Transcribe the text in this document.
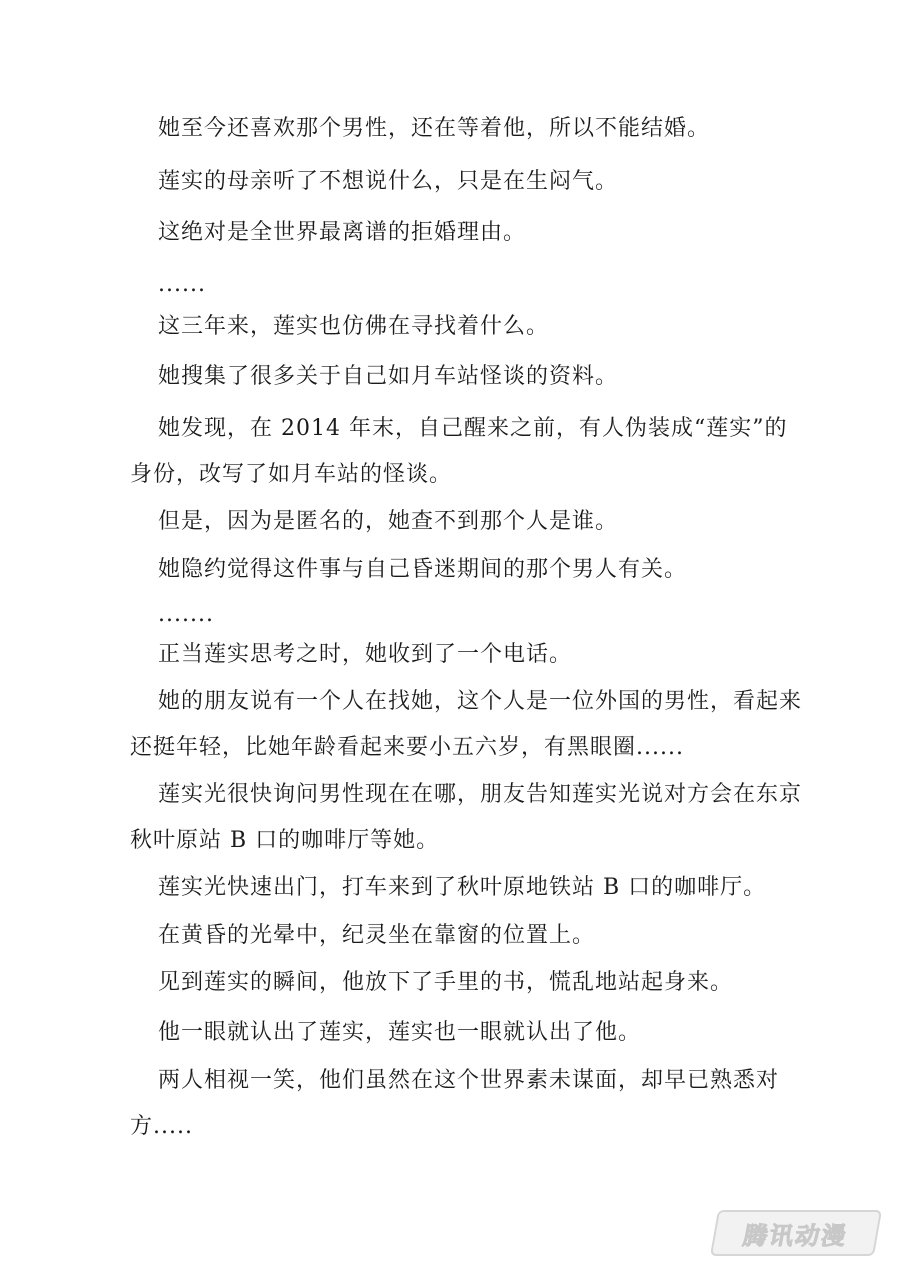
她至今还喜欢那个男性，还在等着他，所以不能结婚。

莲实的母亲听了不想说什么，只是在生闷气。

这绝对是全世界最离谱的拒婚理由。

......

这三年来，莲实也仿佛在寻找着什么。

她搜集了很多关于自己如月车站怪谈的资料。

她发现，在 2014 年末，自己醒来之前，有人伪装成“莲实”的身份，改写了如月车站的怪谈。

但是，因为是匿名的，她查不到那个人是谁。

她隐约觉得这件事与自己昏迷期间的那个男人有关。

.......

正当莲实思考之时，她收到了一个电话。

她的朋友说有一个人在找她，这个人是一位外国的男性，看起来还挺年轻，比她年龄看起来要小五六岁，有黑眼圈......

莲实光很快询问男性现在在哪，朋友告知莲实光说对方会在东京秋叶原站 B 口的咖啡厅等她。

莲实光快速出门，打车来到了秋叶原地铁站 B 口的咖啡厅。

在黄昏的光晕中，纪灵坐在靠窗的位置上。

见到莲实的瞬间，他放下了手里的书，慌乱地站起身来。

他一眼就认出了莲实，莲实也一眼就认出了他。

两人相视一笑，他们虽然在这个世界素未谋面，却早已熟悉对方.....

腾讯动漫
